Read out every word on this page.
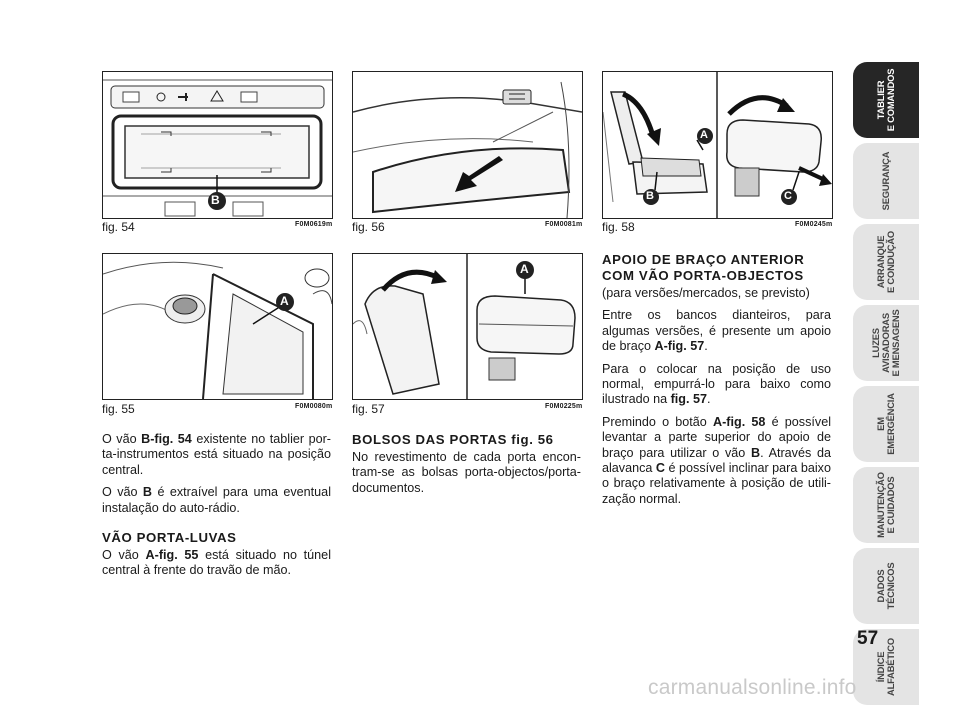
B
fig. 54	F0M0619m
A
fig. 55	F0M0080m

O vão B-fig. 54 existente no tablier porta-instrumentos está situado na posição central.

O vão B é extraível para uma eventual instalação do auto-rádio.

VÃO PORTA-LUVAS

O vão A-fig. 55 está situado no túnel central à frente do travão de mão.

fig. 56	F0M0081m
A
fig. 57	F0M0225m
BOLSOS DAS PORTAS fig. 56

No revestimento de cada porta encontram-se as bolsas porta-objectos/porta-documentos.

A
B	C
fig. 58	F0M0245m
APOIO DE BRAÇO ANTERIOR
COM VÃO PORTA-OBJECTOS

(para versões/mercados, se previsto)

Entre os bancos dianteiros, para algumas versões, é presente um apoio de braço A-fig. 57.

Para o colocar na posição de uso normal, empurrá-lo para baixo como ilustrado na fig. 57.

Premindo o botão A-fig. 58 é possível levantar a parte superior do apoio de braço para utilizar o vão B. Através da alavanca C é possível inclinar para baixo o braço relativamente à posição de utilização normal.

TABLIER
E COMANDOS
SEGURANÇA
ARRANQUE
E CONDUÇÃO
LUZES
AVISADORAS
E MENSAGENS
EM
EMERGÊNCIA
MANUTENÇÃO
E CUIDADOS
DADOS
TÉCNICOS
ÍNDICE
ALFABÉTICO
57
carmanualsonline.info
